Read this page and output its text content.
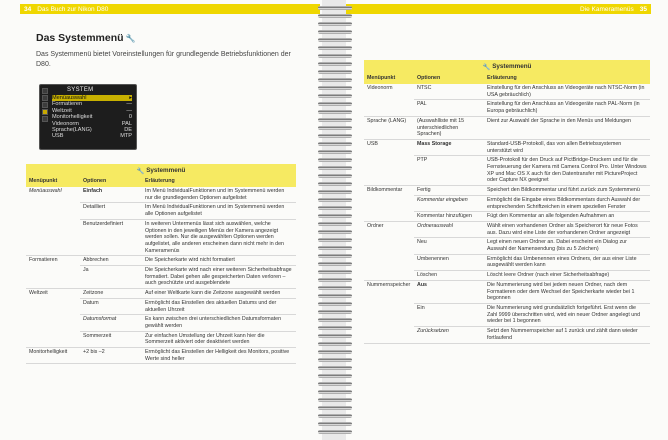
34 Das Buch zur Nikon D80
Das Systemmenü 🔧

Das Systemmenü bietet Voreinstellungen für grundlegende Betriebsfunktionen der D80.

SYSTEM
Menüauswahl	▸
Formatieren	—
Weltzeit	—
Monitorhelligkeit	0
Videonorm	PAL
Sprache(LANG)	DE
USB	MTP
🔧 Systemmenü
Menüpunkt	Optionen	Erläuterung
Menüauswahl	Einfach	Im Menü IndividualFunktionen und im Systemmenü werden nur die grundlegenden Optionen aufgelistet
	Detailliert	Im Menü IndividualFunktionen und im Systemmenü werden alle Optionen aufgelistet
	Benutzerdefiniert	In weiteren Untermenüs lässt sich auswählen, welche Optionen in den jeweiligen Menüs der Kamera angezeigt werden sollen. Nur die ausgewählten Optionen werden aufgelistet, alle anderen erscheinen dann nicht mehr in den Kameramenüs
Formatieren	Abbrechen	Die Speicherkarte wird nicht formatiert
	Ja	Die Speicherkarte wird nach einer weiteren Sicherheitsabfrage formatiert. Dabei gehen alle gespeicherten Daten verloren – auch geschützte und ausgeblendete
Weltzeit	Zeitzone	Auf einer Weltkarte kann die Zeitzone ausgewählt werden
	Datum	Ermöglicht das Einstellen des aktuellen Datums und der aktuellen Uhrzeit
	Datumsformat	Es kann zwischen drei unterschiedlichen Datumsformaten gewählt werden
	Sommerzeit	Zur einfachen Umstellung der Uhrzeit kann hier die Sommerzeit aktiviert oder deaktiviert werden
Monitorhelligkeit	+2 bis –2	Ermöglicht das Einstellen der Helligkeit des Monitors, positive Werte sind heller
Die Kameramenüs 35
🔧 Systemmenü
Menüpunkt	Optionen	Erläuterung
Videonorm	NTSC	Einstellung für den Anschluss an Videogeräte nach NTSC-Norm (in USA gebräuchlich)
	PAL	Einstellung für den Anschluss an Videogeräte nach PAL-Norm (in Europa gebräuchlich)
Sprache (LANG)	(Auswahlliste mit 15 unterschiedlichen Sprachen)	Dient zur Auswahl der Sprache in den Menüs und Meldungen
USB	Mass Storage	Standard-USB-Protokoll, das von allen Betriebssystemen unterstützt wird
	PTP	USB-Protokoll für den Druck auf PictBridge-Druckern und für die Fernsteuerung der Kamera mit Camera Control Pro. Unter Windows XP und Mac OS X auch für den Datentransfer mit PictureProject oder Capture NX geeignet
Bildkommentar	Fertig	Speichert den Bildkommentar und führt zurück zum Systemmenü
	Kommentar eingeben	Ermöglicht die Eingabe eines Bildkommentars durch Auswahl der entsprechenden Schriftzeichen in einem speziellen Fenster
	Kommentar hinzufügen	Fügt den Kommentar an alle folgenden Aufnahmen an
Ordner	Ordnerauswahl	Wählt einen vorhandenen Ordner als Speicherort für neue Fotos aus. Dazu wird eine Liste der vorhandenen Ordner angezeigt
	Neu	Legt einen neuen Ordner an. Dabei erscheint ein Dialog zur Auswahl der Namensendung (bis zu 5 Zeichen)
	Umbenennen	Ermöglicht das Umbenennen eines Ordners, der aus einer Liste ausgewählt werden kann
	Löschen	Löscht leere Ordner (nach einer Sicherheitsabfrage)
Nummernspeicher	Aus	Die Nummerierung wird bei jedem neuen Ordner, nach dem Formatieren oder dem Wechsel der Speicherkarte wieder bei 1 begonnen
	Ein	Die Nummerierung wird grundsätzlich fortgeführt. Erst wenn die Zahl 9999 überschritten wird, wird ein neuer Ordner angelegt und wieder bei 1 begonnen
	Zurücksetzen	Setzt den Nummernspeicher auf 1 zurück und zählt dann wieder fortlaufend
